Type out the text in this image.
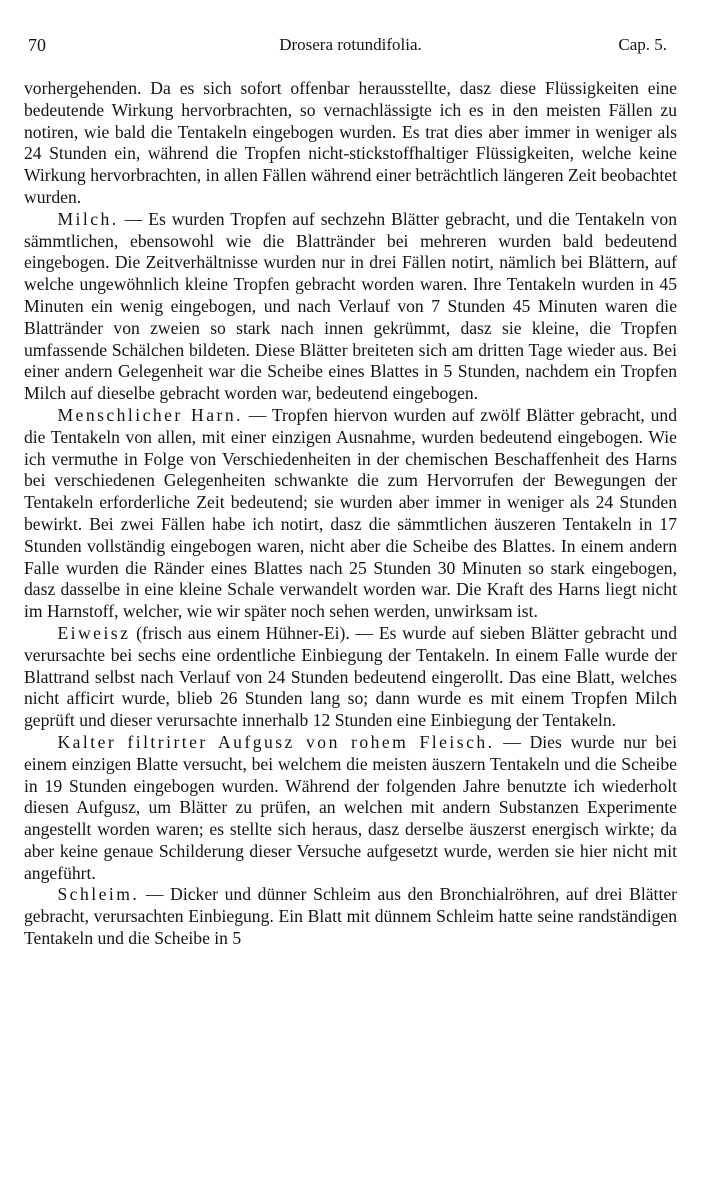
70	Drosera rotundifolia.	Cap. 5.

vorhergehenden. Da es sich sofort offenbar herausstellte, dasz diese Flüssigkeiten eine bedeutende Wirkung hervorbrachten, so vernachlässigte ich es in den meisten Fällen zu notiren, wie bald die Tentakeln eingebogen wurden. Es trat dies aber immer in weniger als 24 Stunden ein, während die Tropfen nicht-stickstoffhaltiger Flüssigkeiten, welche keine Wirkung hervorbrachten, in allen Fällen während einer beträchtlich längeren Zeit beobachtet wurden.

Milch. — Es wurden Tropfen auf sechzehn Blätter gebracht, und die Tentakeln von sämmtlichen, ebensowohl wie die Blattränder bei mehreren wurden bald bedeutend eingebogen. Die Zeitverhältnisse wurden nur in drei Fällen notirt, nämlich bei Blättern, auf welche ungewöhnlich kleine Tropfen gebracht worden waren. Ihre Tentakeln wurden in 45 Minuten ein wenig eingebogen, und nach Verlauf von 7 Stunden 45 Minuten waren die Blattränder von zweien so stark nach innen gekrümmt, dasz sie kleine, die Tropfen umfassende Schälchen bildeten. Diese Blätter breiteten sich am dritten Tage wieder aus. Bei einer andern Gelegenheit war die Scheibe eines Blattes in 5 Stunden, nachdem ein Tropfen Milch auf dieselbe gebracht worden war, bedeutend eingebogen.

Menschlicher Harn. — Tropfen hiervon wurden auf zwölf Blätter gebracht, und die Tentakeln von allen, mit einer einzigen Ausnahme, wurden bedeutend eingebogen. Wie ich vermuthe in Folge von Verschiedenheiten in der chemischen Beschaffenheit des Harns bei verschiedenen Gelegenheiten schwankte die zum Hervorrufen der Bewegungen der Tentakeln erforderliche Zeit bedeutend; sie wurden aber immer in weniger als 24 Stunden bewirkt. Bei zwei Fällen habe ich notirt, dasz die sämmtlichen äuszeren Tentakeln in 17 Stunden vollständig eingebogen waren, nicht aber die Scheibe des Blattes. In einem andern Falle wurden die Ränder eines Blattes nach 25 Stunden 30 Minuten so stark eingebogen, dasz dasselbe in eine kleine Schale verwandelt worden war. Die Kraft des Harns liegt nicht im Harnstoff, welcher, wie wir später noch sehen werden, unwirksam ist.

Eiweisz (frisch aus einem Hühner-Ei). — Es wurde auf sieben Blätter gebracht und verursachte bei sechs eine ordentliche Einbiegung der Tentakeln. In einem Falle wurde der Blattrand selbst nach Verlauf von 24 Stunden bedeutend eingerollt. Das eine Blatt, welches nicht afficirt wurde, blieb 26 Stunden lang so; dann wurde es mit einem Tropfen Milch geprüft und dieser verursachte innerhalb 12 Stunden eine Einbiegung der Tentakeln.

Kalter filtrirter Aufgusz von rohem Fleisch. — Dies wurde nur bei einem einzigen Blatte versucht, bei welchem die meisten äuszern Tentakeln und die Scheibe in 19 Stunden eingebogen wurden. Während der folgenden Jahre benutzte ich wiederholt diesen Aufgusz, um Blätter zu prüfen, an welchen mit andern Substanzen Experimente angestellt worden waren; es stellte sich heraus, dasz derselbe äuszerst energisch wirkte; da aber keine genaue Schilderung dieser Versuche aufgesetzt wurde, werden sie hier nicht mit angeführt.

Schleim. — Dicker und dünner Schleim aus den Bronchialröhren, auf drei Blätter gebracht, verursachten Einbiegung. Ein Blatt mit dünnem Schleim hatte seine randständigen Tentakeln und die Scheibe in 5
